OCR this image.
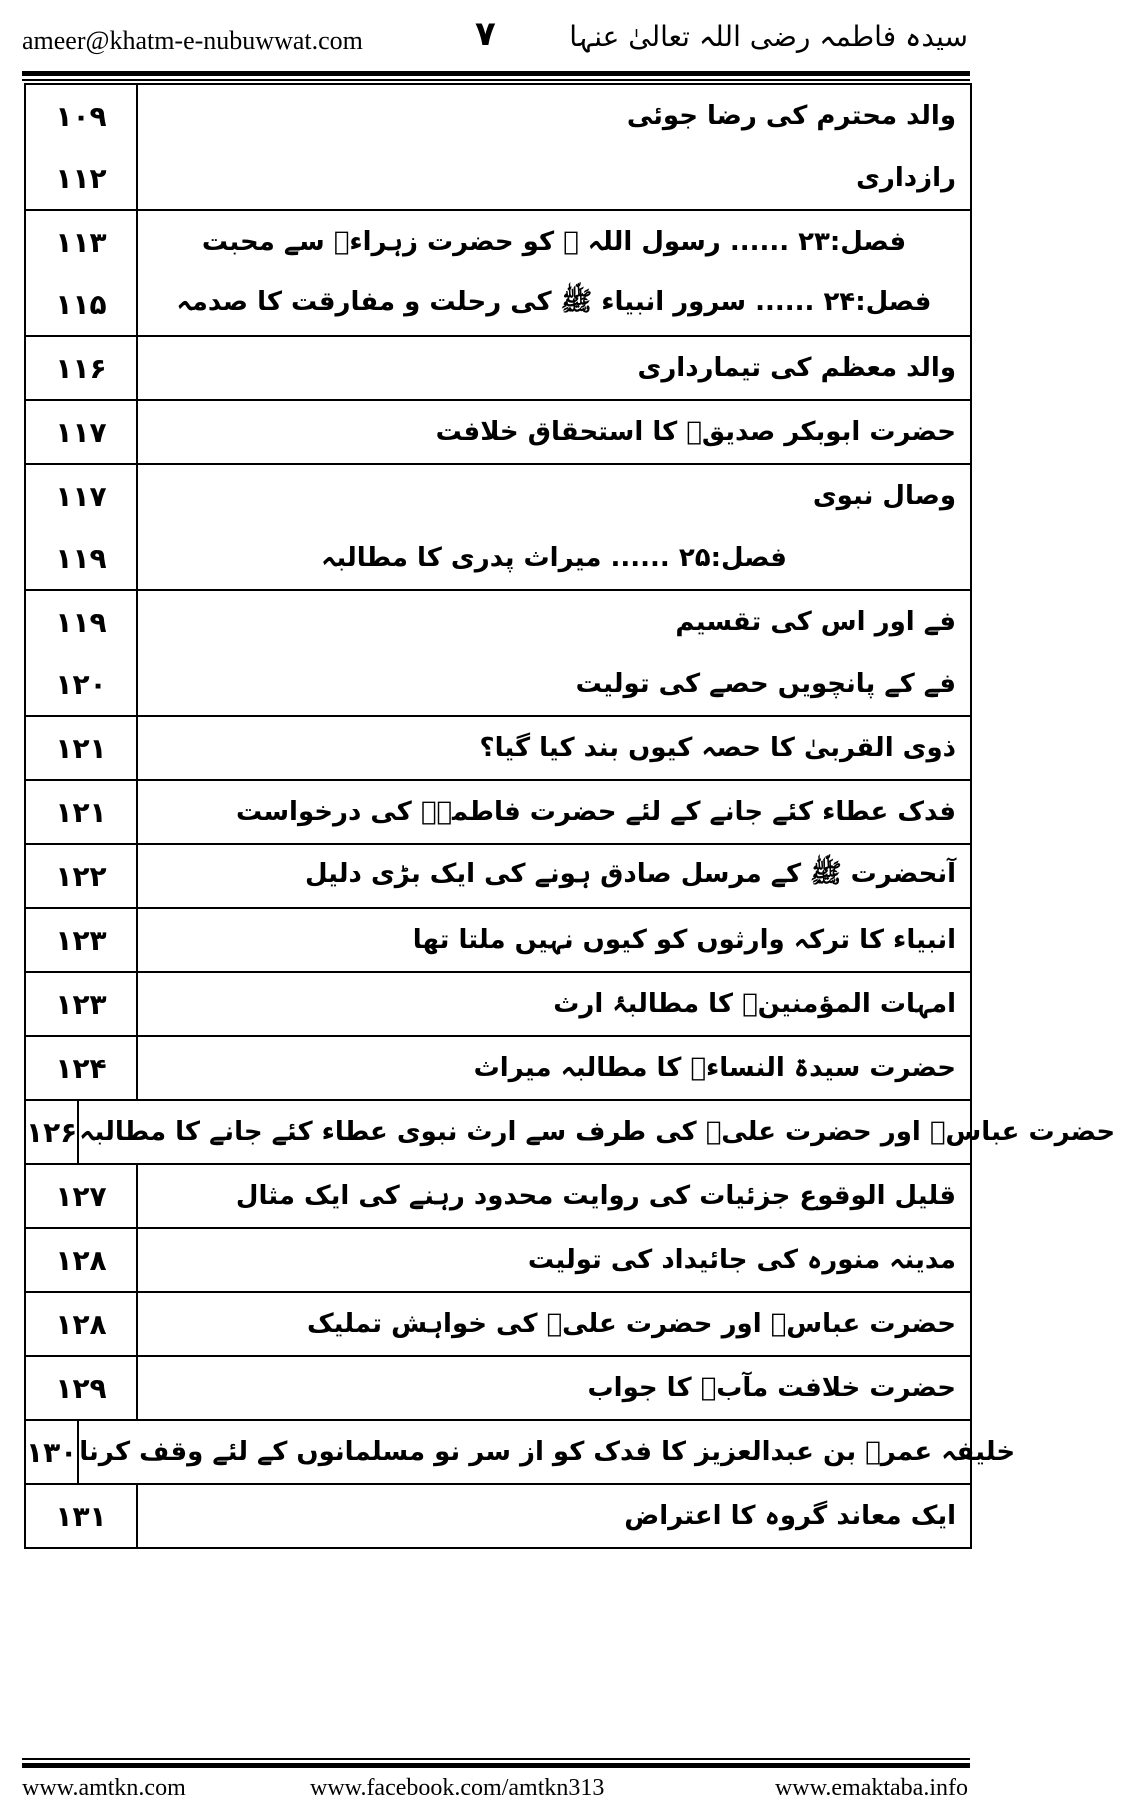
ameer@khatm-e-nubuwwat.com	۷	سیدہ فاطمہ رضی اللہ تعالیٰ عنہا
۱۰۹	والد محترم کی رضا جوئی
۱۱۲	رازداری
۱۱۳	فصل:۲۳ ...... رسول اللہ ﷺ کو حضرت زہراءؓ سے محبت
۱۱۵	فصل:۲۴ ...... سرور انبیاء ﷺ کی رحلت و مفارقت کا صدمہ
۱۱۶	والد معظم کی تیمارداری
۱۱۷	حضرت ابوبکر صدیقؓ کا استحقاق خلافت
۱۱۷	وصال نبوی
۱۱۹	فصل:۲۵ ...... میراث پدری کا مطالبہ
۱۱۹	فے اور اس کی تقسیم
۱۲۰	فے کے پانچویں حصے کی تولیت
۱۲۱	ذوی القربیٰ کا حصہ کیوں بند کیا گیا؟
۱۲۱	فدک عطاء کئے جانے کے لئے حضرت فاطمہؓ کی درخواست
۱۲۲	آنحضرت ﷺ کے مرسل صادق ہونے کی ایک بڑی دلیل
۱۲۳	انبیاء کا ترکہ وارثوں کو کیوں نہیں ملتا تھا
۱۲۳	امہات المؤمنینؓ کا مطالبۂ ارث
۱۲۴	حضرت سیدۃ النساءؓ کا مطالبہ میراث
۱۲۶ حضرت عباسؓ اور حضرت علیؓ کی طرف سے ارث نبوی عطاء کئے جانے کا مطالبہ
۱۲۷	قلیل الوقوع جزئیات کی روایت محدود رہنے کی ایک مثال
۱۲۸	مدینہ منورہ کی جائیداد کی تولیت
۱۲۸	حضرت عباسؓ اور حضرت علیؓ کی خواہش تملیک
۱۲۹	حضرت خلافت مآبؓ کا جواب
۱۳۰ خلیفہ عمرؒ بن عبدالعزیز کا فدک کو از سر نو مسلمانوں کے لئے وقف کرنا
۱۳۱	ایک معاند گروہ کا اعتراض
www.amtkn.com	www.facebook.com/amtkn313	www.emaktaba.info
